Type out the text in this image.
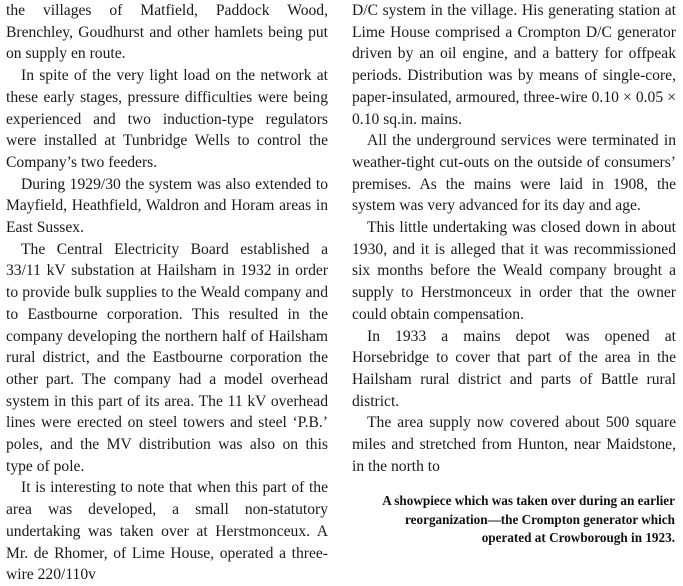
the villages of Matfield, Paddock Wood, Brenchley, Goudhurst and other hamlets being put on supply en route.

In spite of the very light load on the network at these early stages, pressure difficulties were being experienced and two induction-type regulators were installed at Tunbridge Wells to control the Company’s two feeders.

During 1929/30 the system was also extended to Mayfield, Heathfield, Waldron and Horam areas in East Sussex.

The Central Electricity Board established a 33/11 kV substation at Hailsham in 1932 in order to provide bulk supplies to the Weald company and to Eastbourne corporation. This resulted in the company developing the northern half of Hailsham rural district, and the Eastbourne corporation the other part. The company had a model overhead system in this part of its area. The 11 kV overhead lines were erected on steel towers and steel ‘P.B.’ poles, and the MV distribution was also on this type of pole.

It is interesting to note that when this part of the area was developed, a small non-statutory undertaking was taken over at Herstmonceux. A Mr. de Rhomer, of Lime House, operated a three-wire 220/110v

D/C system in the village. His generating station at Lime House comprised a Crompton D/C generator driven by an oil engine, and a battery for offpeak periods. Distribution was by means of single-core, paper-insulated, armoured, three-wire 0.10 × 0.05 × 0.10 sq.in. mains.

All the underground services were terminated in weather-tight cut-outs on the outside of consumers’ premises. As the mains were laid in 1908, the system was very advanced for its day and age.

This little undertaking was closed down in about 1930, and it is alleged that it was recommissioned six months before the Weald company brought a supply to Herstmonceux in order that the owner could obtain compensation.

In 1933 a mains depot was opened at Horsebridge to cover that part of the area in the Hailsham rural district and parts of Battle rural district.

The area supply now covered about 500 square miles and stretched from Hunton, near Maidstone, in the north to

A showpiece which was taken over during an earlier reorganization—the Crompton generator which operated at Crowborough in 1923.
